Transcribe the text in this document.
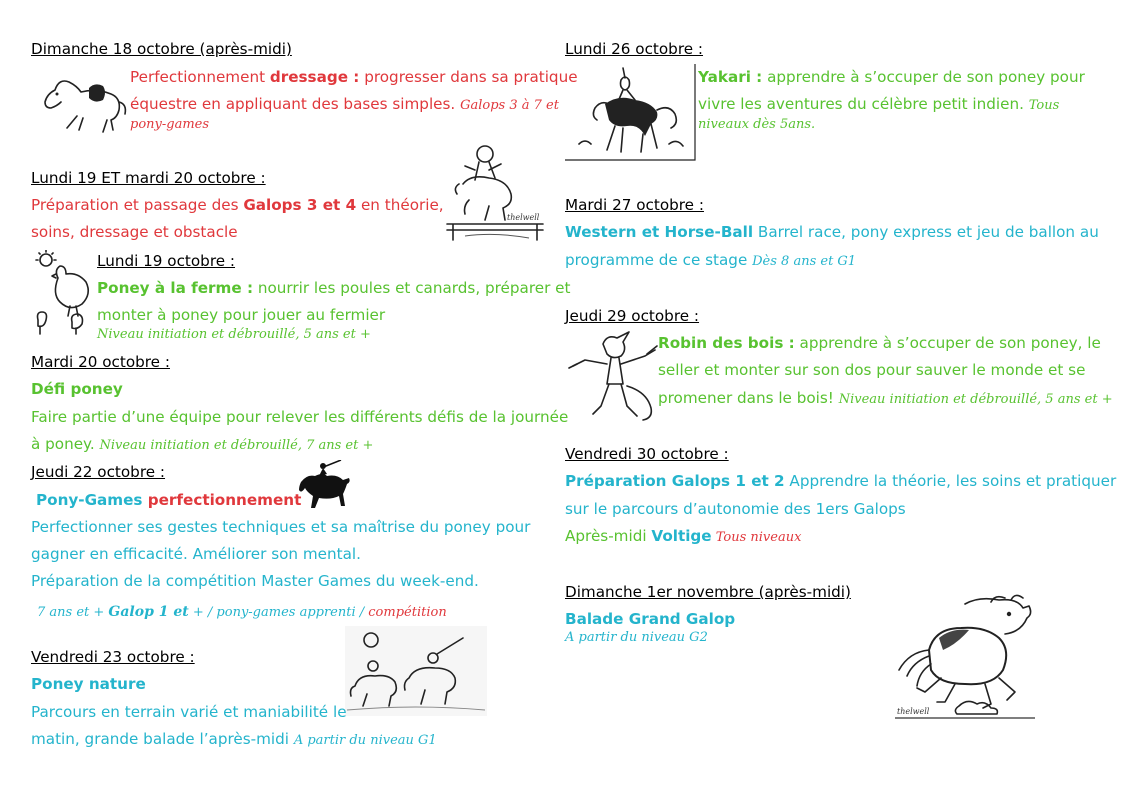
Dimanche 18 octobre (après-midi)
Perfectionnement dressage : progresser dans sa pratique
équestre en appliquant des bases simples. Galops 3 à 7 et
pony-games
Lundi 19 ET mardi 20 octobre :
thelwell
Préparation et passage des Galops 3 et 4 en théorie,
soins, dressage et obstacle
Lundi 19 octobre :
Poney à la ferme : nourrir les poules et canards, préparer et
monter à poney pour jouer au fermier
Niveau initiation et débrouillé, 5 ans et +
Mardi 20 octobre :
Défi poney
Faire partie d’une équipe pour relever les différents défis de la journée
à poney. Niveau initiation et débrouillé, 7 ans et +
Jeudi 22 octobre :
Pony-Games perfectionnement
Perfectionner ses gestes techniques et sa maîtrise du poney pour
gagner en efficacité. Améliorer son mental.
Préparation de la compétition Master Games du week-end.
7 ans et + Galop 1 et + / pony-games apprenti / compétition
Vendredi 23 octobre :
Poney nature
Parcours en terrain varié et maniabilité le
matin, grande balade l’après-midi A partir du niveau G1
Lundi 26 octobre :
Yakari : apprendre à s’occuper de son poney pour
vivre les aventures du célèbre petit indien. Tous
niveaux dès 5ans.
Mardi 27 octobre :
Western et Horse-Ball Barrel race, pony express et jeu de ballon au
programme de ce stage Dès 8 ans et G1
Jeudi 29 octobre :
Robin des bois : apprendre à s’occuper de son poney, le
seller et monter sur son dos pour sauver le monde et se
promener dans le bois! Niveau initiation et débrouillé, 5 ans et +
Vendredi 30 octobre :
Préparation Galops 1 et 2 Apprendre la théorie, les soins et pratiquer
sur le parcours d’autonomie des 1ers Galops
Après-midi Voltige Tous niveaux
Dimanche 1er novembre (après-midi)
Balade Grand Galop
A partir du niveau G2
thelwell
